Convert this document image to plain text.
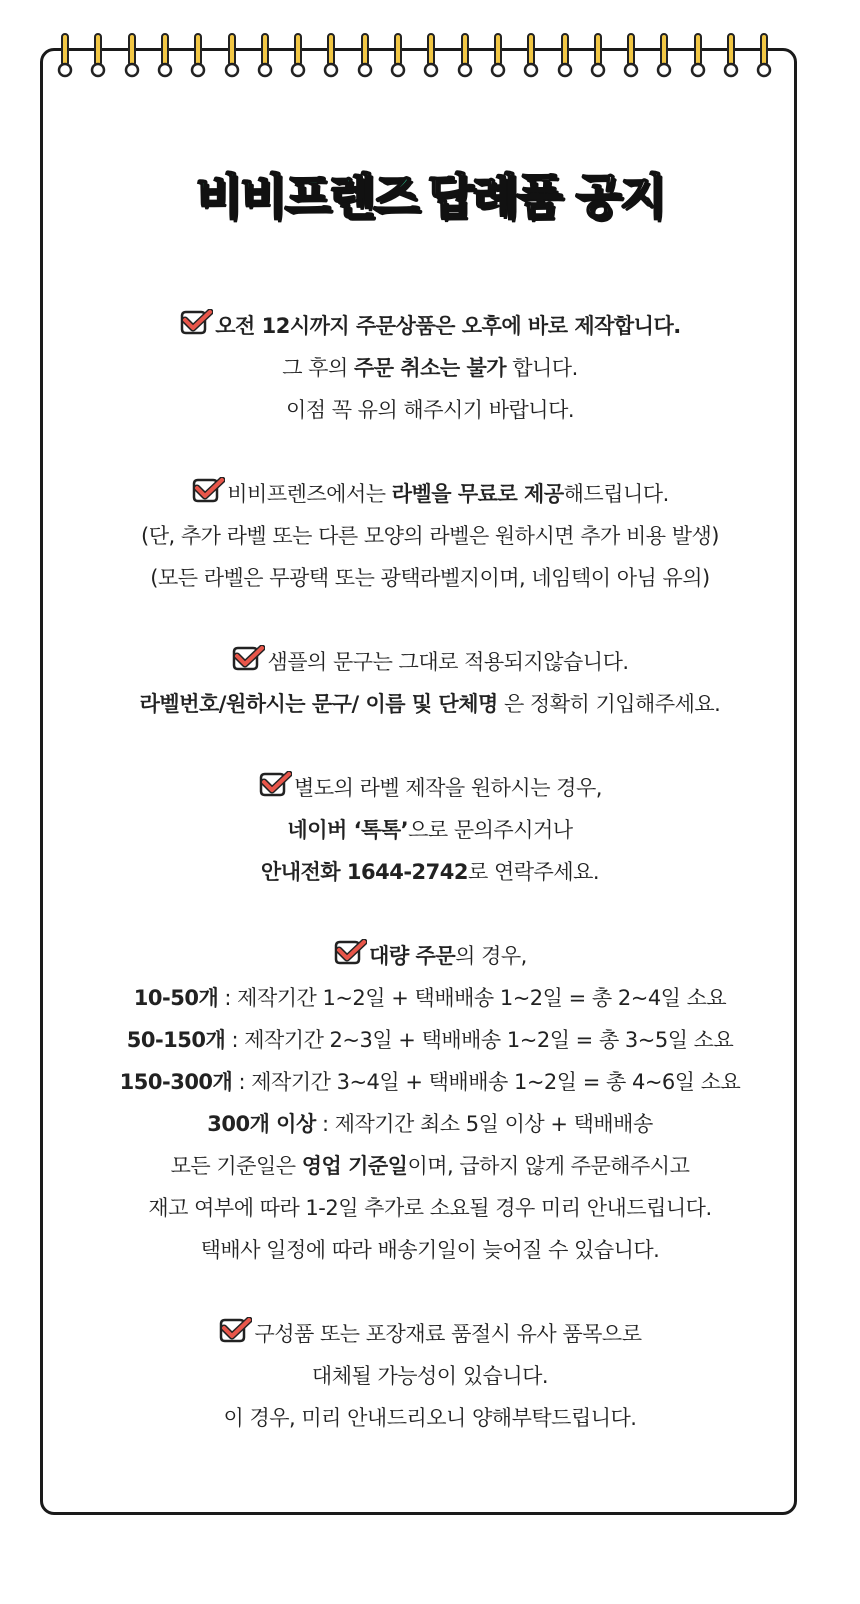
비비프렌즈 답례품 공지
오전 12시까지 주문상품은 오후에 바로 제작합니다.
그 후의 주문 취소는 불가 합니다.
이점 꼭 유의 해주시기 바랍니다.
비비프렌즈에서는 라벨을 무료로 제공해드립니다.
(단, 추가 라벨 또는 다른 모양의 라벨은 원하시면 추가 비용 발생)
(모든 라벨은 무광택 또는 광택라벨지이며, 네임텍이 아님 유의)
샘플의 문구는 그대로 적용되지않습니다.
라벨번호/원하시는 문구/ 이름 및 단체명 은 정확히 기입해주세요.
별도의 라벨 제작을 원하시는 경우,
네이버 ‘톡톡’으로 문의주시거나
안내전화 1644-2742로 연락주세요.
대량 주문의 경우,
10-50개 : 제작기간 1~2일 + 택배배송 1~2일 = 총 2~4일 소요
50-150개 : 제작기간 2~3일 + 택배배송 1~2일 = 총 3~5일 소요
150-300개 : 제작기간 3~4일 + 택배배송 1~2일 = 총 4~6일 소요
300개 이상 : 제작기간 최소 5일 이상 + 택배배송
모든 기준일은 영업 기준일이며, 급하지 않게 주문해주시고
재고 여부에 따라 1-2일 추가로 소요될 경우 미리 안내드립니다.
택배사 일정에 따라 배송기일이 늦어질 수 있습니다.
구성품 또는 포장재료 품절시 유사 품목으로
대체될 가능성이 있습니다.
이 경우, 미리 안내드리오니 양해부탁드립니다.
